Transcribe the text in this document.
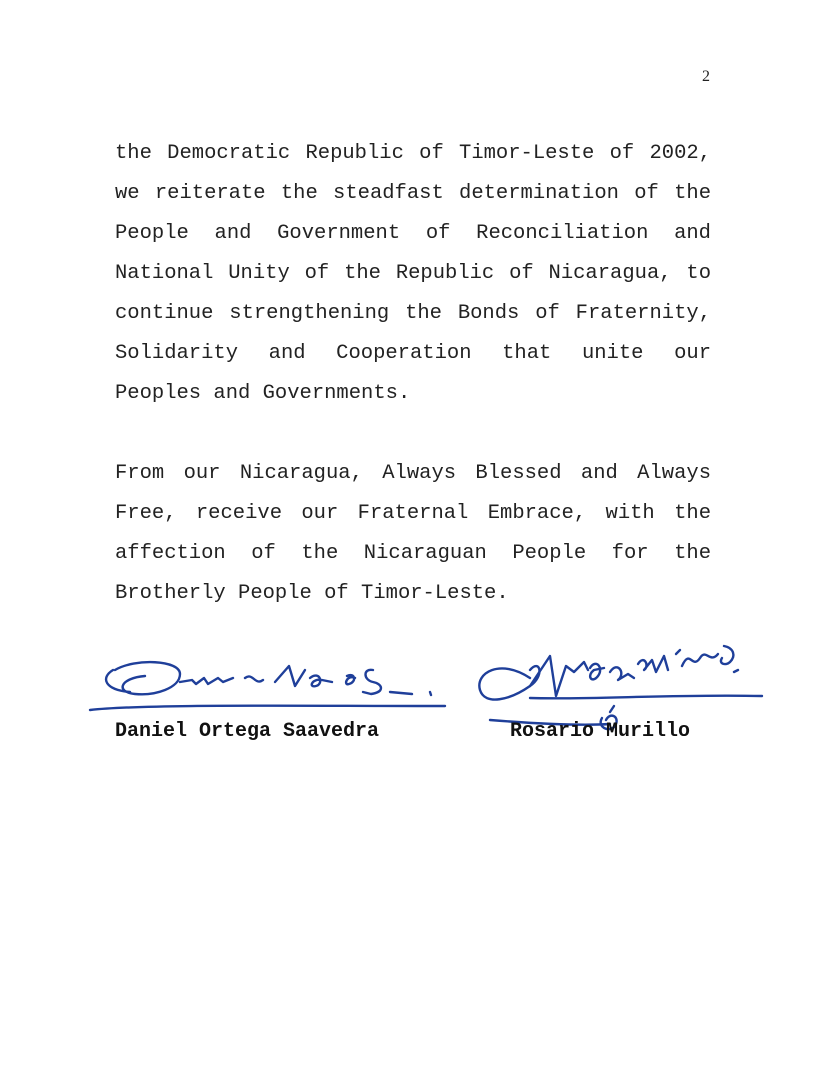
2

the Democratic Republic of Timor-Leste of 2002, we reiterate the steadfast determination of the People and Government of Reconciliation and National Unity of the Republic of Nicaragua, to continue strengthening the Bonds of Fraternity, Solidarity and Cooperation that unite our Peoples and Governments.

From our Nicaragua, Always Blessed and Always Free, receive our Fraternal Embrace, with the affection of the Nicaraguan People for the Brotherly People of Timor-Leste.

Daniel Ortega Saavedra	Rosario Murillo
